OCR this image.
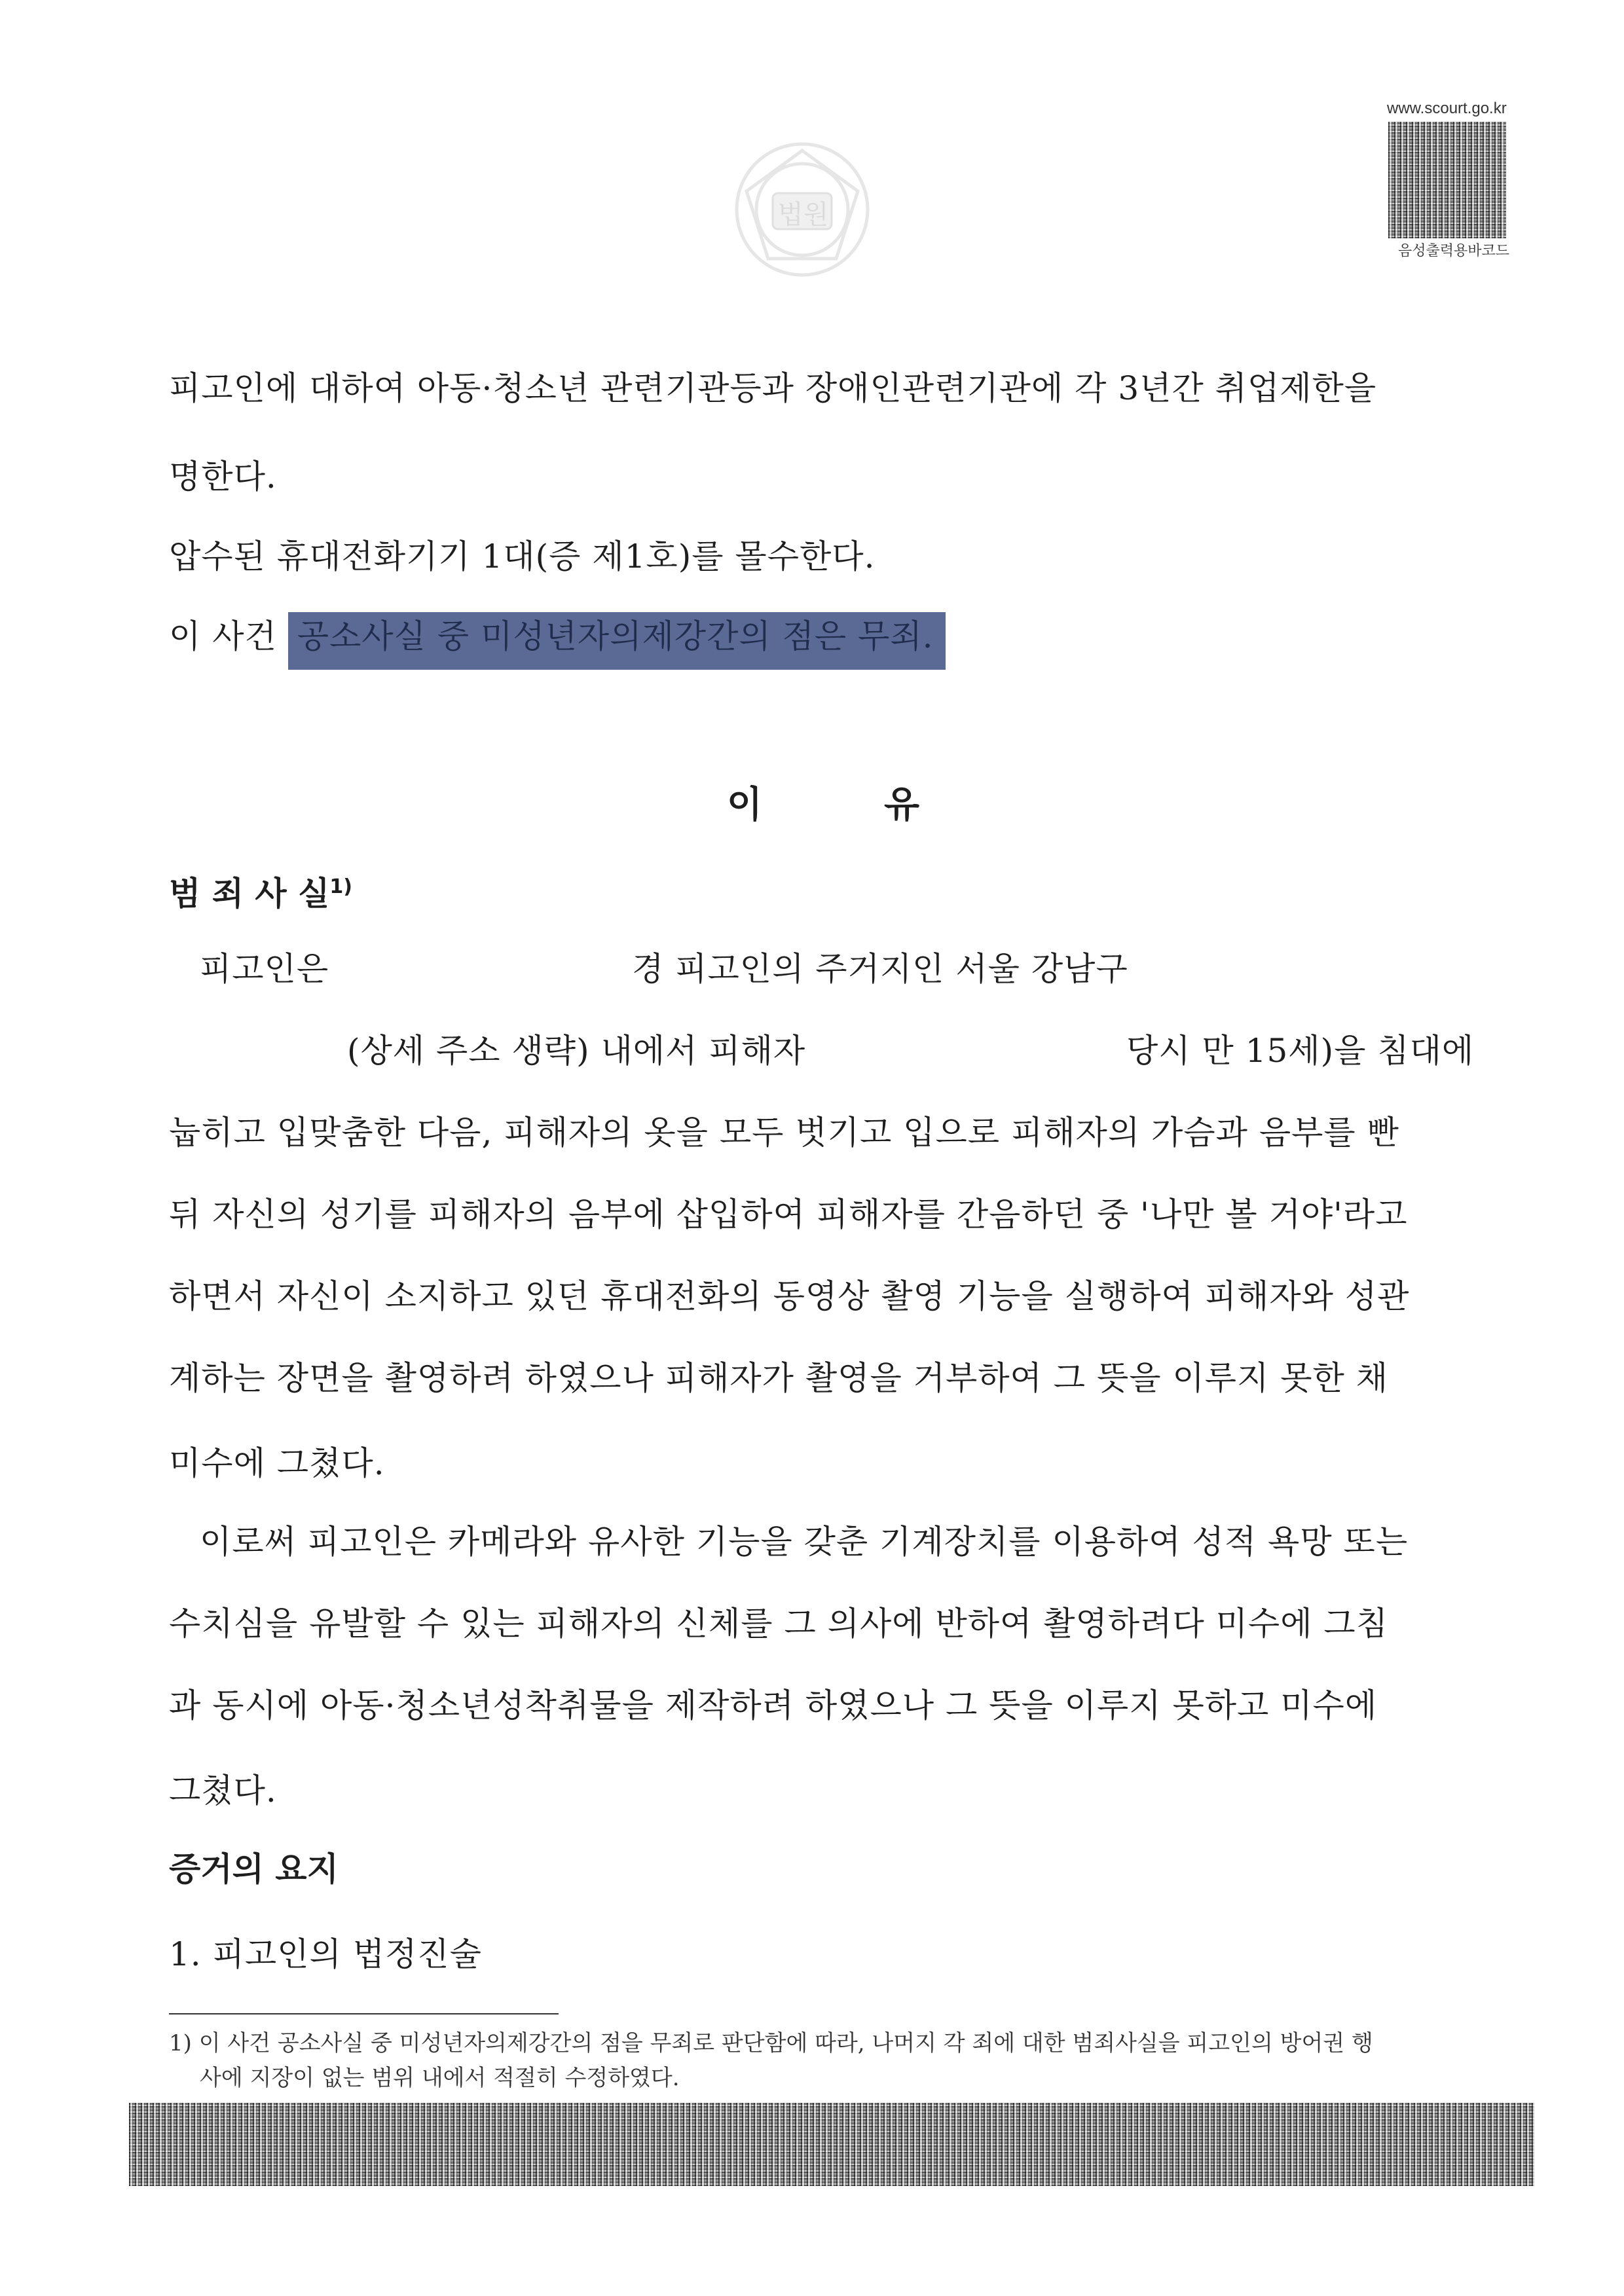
법원
www.scourt.go.kr
음성출력용바코드
피고인에 대하여 아동·청소년 관련기관등과 장애인관련기관에 각 3년간 취업제한을
명한다.
압수된 휴대전화기기 1대(증 제1호)를 몰수한다.
이 사건 공소사실 중 미성년자의제강간의 점은 무죄.
이	유
범 죄 사 실$^{1)}$
피고인은	경 피고인의 주거지인 서울 강남구
(상세 주소 생략) 내에서 피해자	당시 만 15세)을 침대에
눕히고 입맞춤한 다음, 피해자의 옷을 모두 벗기고 입으로 피해자의 가슴과 음부를 빤
뒤 자신의 성기를 피해자의 음부에 삽입하여 피해자를 간음하던 중 '나만 볼 거야'라고
하면서 자신이 소지하고 있던 휴대전화의 동영상 촬영 기능을 실행하여 피해자와 성관
계하는 장면을 촬영하려 하였으나 피해자가 촬영을 거부하여 그 뜻을 이루지 못한 채
미수에 그쳤다.
이로써 피고인은 카메라와 유사한 기능을 갖춘 기계장치를 이용하여 성적 욕망 또는
수치심을 유발할 수 있는 피해자의 신체를 그 의사에 반하여 촬영하려다 미수에 그침
과 동시에 아동·청소년성착취물을 제작하려 하였으나 그 뜻을 이루지 못하고 미수에
그쳤다.
증거의 요지
1. 피고인의 법정진술
1) 이 사건 공소사실 중 미성년자의제강간의 점을 무죄로 판단함에 따라, 나머지 각 죄에 대한 범죄사실을 피고인의 방어권 행
사에 지장이 없는 범위 내에서 적절히 수정하였다.
